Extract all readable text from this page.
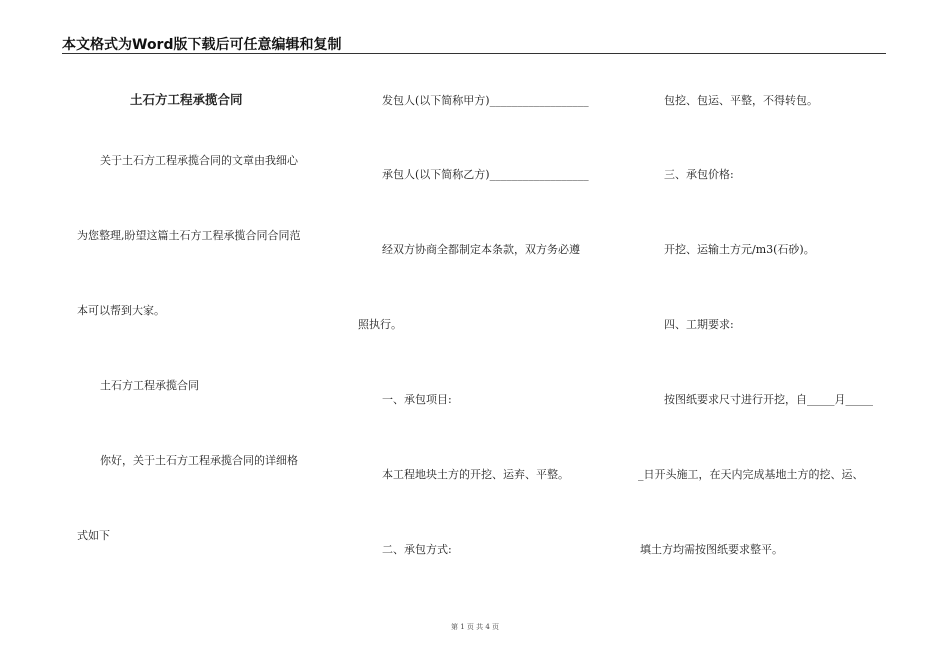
本文格式为Word版下载后可任意编辑和复制
土石方工程承揽合同
关于土石方工程承揽合同的文章由我细心
为您整理,盼望这篇土石方工程承揽合同合同范
本可以帮到大家。
土石方工程承揽合同
你好，关于土石方工程承揽合同的详细格
式如下
发包人(以下简称甲方)__________________
承包人(以下简称乙方)__________________
经双方协商全都制定本条款，双方务必遵
照执行。
一、承包项目:
本工程地块土方的开挖、运弃、平整。
二、承包方式:
包挖、包运、平整，不得转包。
三、承包价格:
开挖、运输土方元/m3(石砂)。
四、工期要求:
按图纸要求尺寸进行开挖，自_____月_____
_日开头施工，在天内完成基地土方的挖、运、
填土方均需按图纸要求整平。
第 1 页 共 4 页
